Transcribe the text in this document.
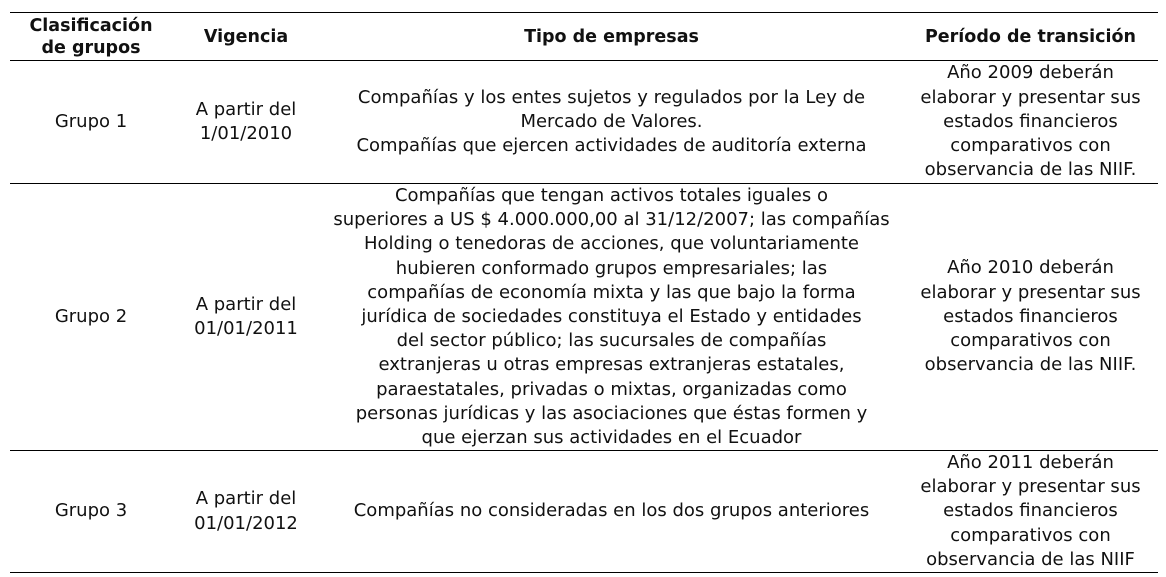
Clasificación
de grupos
Vigencia	Tipo de empresas	Período de transición
Grupo 1
A partir del
1/01/2010
Compañías y los entes sujetos y regulados por la Ley de
Mercado de Valores.
Compañías que ejercen actividades de auditoría externa
Año 2009 deberán
elaborar y presentar sus
estados financieros
comparativos con
observancia de las NIIF.
Grupo 2
A partir del
01/01/2011
Compañías que tengan activos totales iguales o
superiores a US $ 4.000.000,00 al 31/12/2007; las compañías
Holding o tenedoras de acciones, que voluntariamente
hubieren conformado grupos empresariales; las
compañías de economía mixta y las que bajo la forma
jurídica de sociedades constituya el Estado y entidades
del sector público; las sucursales de compañías
extranjeras u otras empresas extranjeras estatales,
paraestatales, privadas o mixtas, organizadas como
personas jurídicas y las asociaciones que éstas formen y
que ejerzan sus actividades en el Ecuador
Año 2010 deberán
elaborar y presentar sus
estados financieros
comparativos con
observancia de las NIIF.
Grupo 3
A partir del
01/01/2012
Compañías no consideradas en los dos grupos anteriores
Año 2011 deberán
elaborar y presentar sus
estados financieros
comparativos con
observancia de las NIIF
